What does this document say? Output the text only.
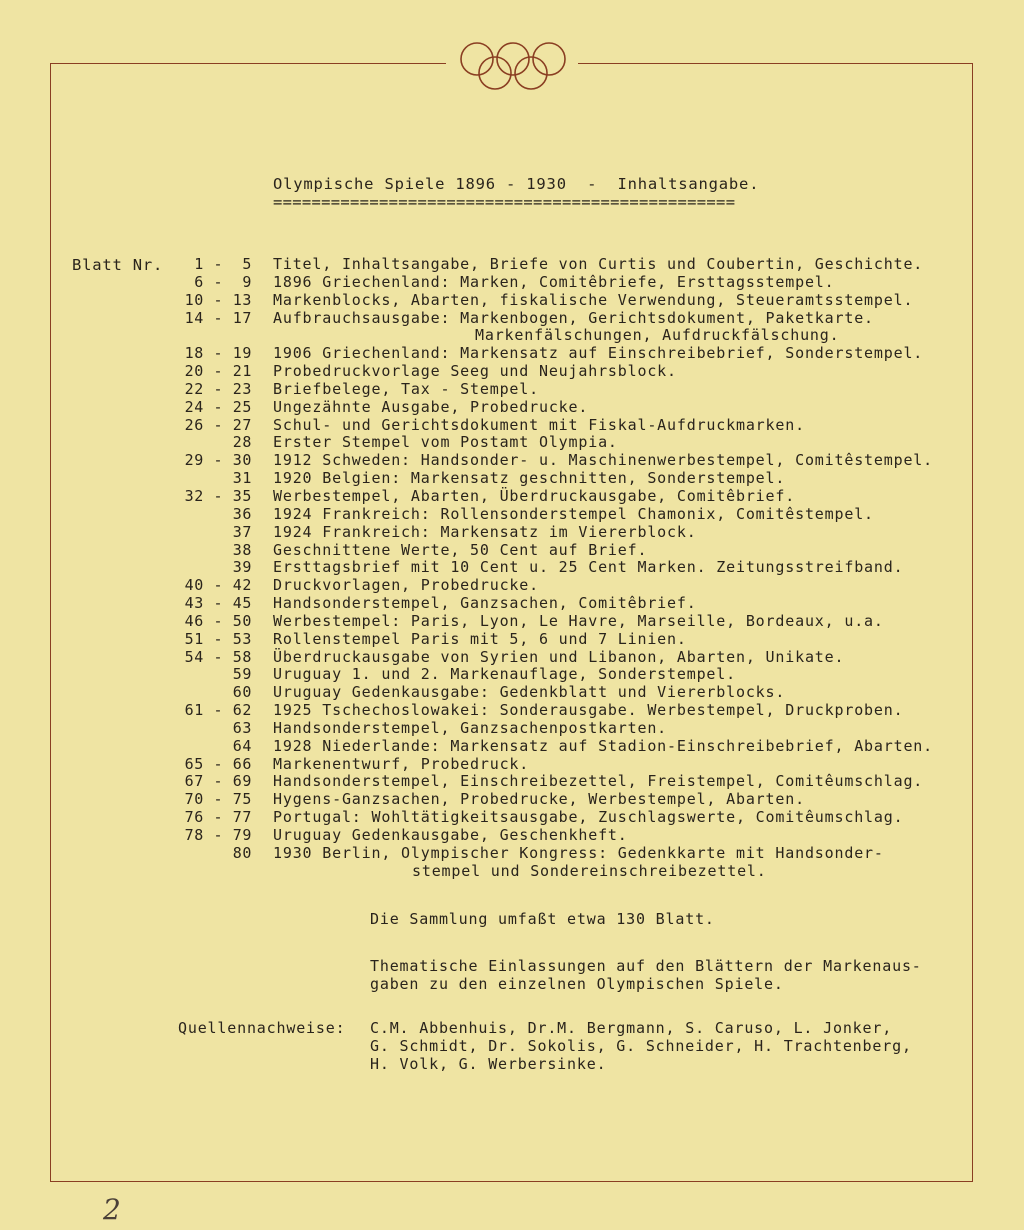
Olympische Spiele 1896 - 1930  -  Inhaltsangabe.
================================================
Blatt Nr.	1 -  5 Titel, Inhaltsangabe, Briefe von Curtis und Coubertin, Geschichte.
6 -  9 1896 Griechenland: Marken, Comitêbriefe, Ersttagsstempel.
10 - 13 Markenblocks, Abarten, fiskalische Verwendung, Steueramtsstempel.
14 - 17 Aufbrauchsausgabe: Markenbogen, Gerichtsdokument, Paketkarte.
Markenfälschungen, Aufdruckfälschung.
18 - 19 1906 Griechenland: Markensatz auf Einschreibebrief, Sonderstempel.
20 - 21 Probedruckvorlage Seeg und Neujahrsblock.
22 - 23 Briefbelege, Tax - Stempel.
24 - 25 Ungezähnte Ausgabe, Probedrucke.
26 - 27 Schul- und Gerichtsdokument mit Fiskal-Aufdruckmarken.
28 Erster Stempel vom Postamt Olympia.
29 - 30 1912 Schweden: Handsonder- u. Maschinenwerbestempel, Comitêstempel.
31 1920 Belgien: Markensatz geschnitten, Sonderstempel.
32 - 35 Werbestempel, Abarten, Überdruckausgabe, Comitêbrief.
36 1924 Frankreich: Rollensonderstempel Chamonix, Comitêstempel.
37 1924 Frankreich: Markensatz im Viererblock.
38 Geschnittene Werte, 50 Cent auf Brief.
39 Ersttagsbrief mit 10 Cent u. 25 Cent Marken. Zeitungsstreifband.
40 - 42 Druckvorlagen, Probedrucke.
43 - 45 Handsonderstempel, Ganzsachen, Comitêbrief.
46 - 50 Werbestempel: Paris, Lyon, Le Havre, Marseille, Bordeaux, u.a.
51 - 53 Rollenstempel Paris mit 5, 6 und 7 Linien.
54 - 58 Überdruckausgabe von Syrien und Libanon, Abarten, Unikate.
59 Uruguay 1. und 2. Markenauflage, Sonderstempel.
60 Uruguay Gedenkausgabe: Gedenkblatt und Viererblocks.
61 - 62 1925 Tschechoslowakei: Sonderausgabe. Werbestempel, Druckproben.
63 Handsonderstempel, Ganzsachenpostkarten.
64 1928 Niederlande: Markensatz auf Stadion-Einschreibebrief, Abarten.
65 - 66 Markenentwurf, Probedruck.
67 - 69 Handsonderstempel, Einschreibezettel, Freistempel, Comitêumschlag.
70 - 75 Hygens-Ganzsachen, Probedrucke, Werbestempel, Abarten.
76 - 77 Portugal: Wohltätigkeitsausgabe, Zuschlagswerte, Comitêumschlag.
78 - 79 Uruguay Gedenkausgabe, Geschenkheft.
80 1930 Berlin, Olympischer Kongress: Gedenkkarte mit Handsonder-
stempel und Sondereinschreibezettel.
Die Sammlung umfaßt etwa 130 Blatt.
Thematische Einlassungen auf den Blättern der Markenaus-
gaben zu den einzelnen Olympischen Spiele.
Quellennachweise: C.M. Abbenhuis, Dr.M. Bergmann, S. Caruso, L. Jonker,
G. Schmidt, Dr. Sokolis, G. Schneider, H. Trachtenberg,
H. Volk, G. Werbersinke.
2
